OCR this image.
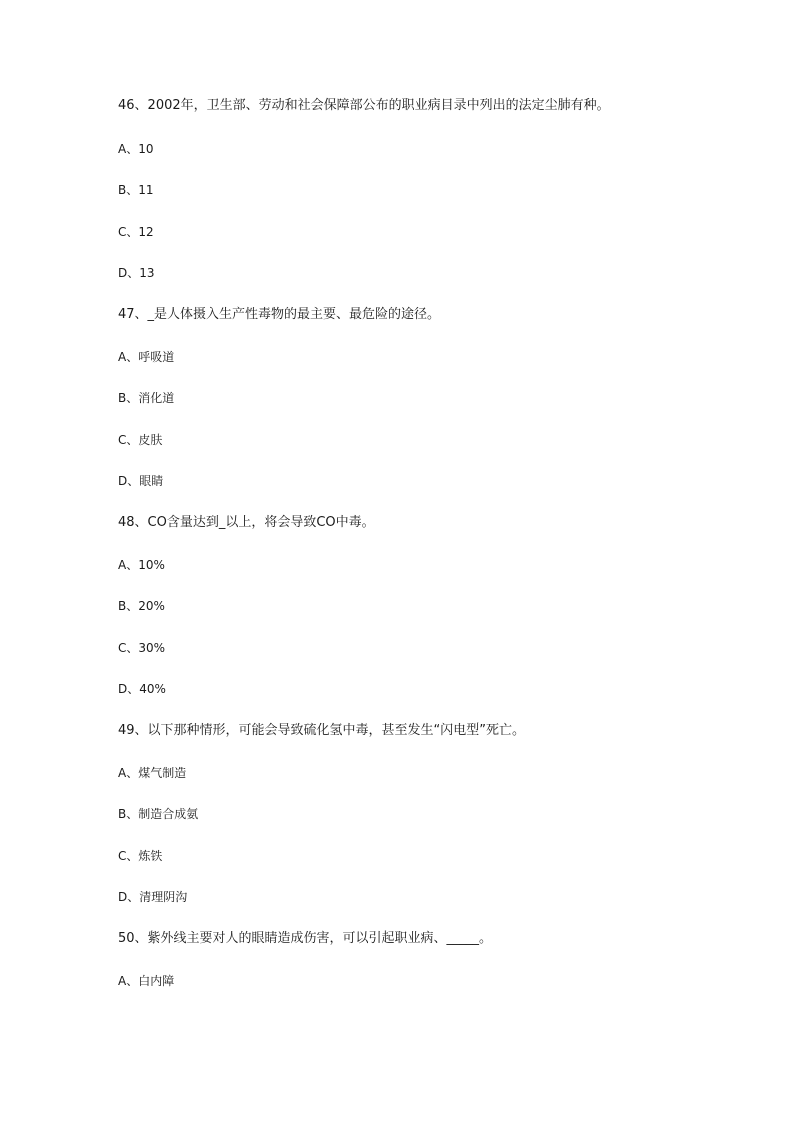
46、2002年，卫生部、劳动和社会保障部公布的职业病目录中列出的法定尘肺有种。
A、10
B、11
C、12
D、13
47、_是人体摄入生产性毒物的最主要、最危险的途径。
A、呼吸道
B、消化道
C、皮肤
D、眼睛
48、CO含量达到_以上，将会导致CO中毒。
A、10%
B、20%
C、30%
D、40%
49、以下那种情形，可能会导致硫化氢中毒，甚至发生“闪电型”死亡。
A、煤气制造
B、制造合成氨
C、炼铁
D、清理阴沟
50、紫外线主要对人的眼睛造成伤害，可以引起职业病、_____。
A、白内障
